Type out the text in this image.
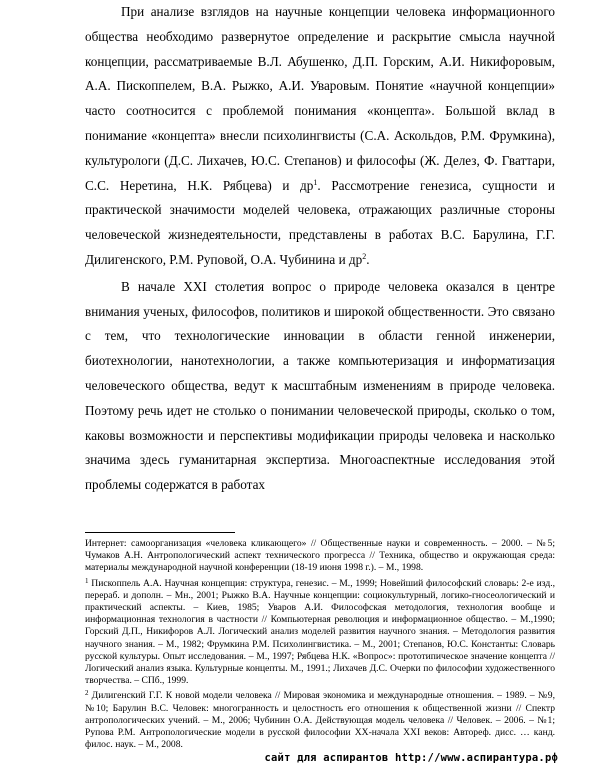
При анализе взглядов на научные концепции человека информационного общества необходимо развернутое определение и раскрытие смысла научной концепции, рассматриваемые В.Л. Абушенко, Д.П. Горским, А.И. Никифоровым, А.А. Пископпелем, В.А. Рыжко, А.И. Уваровым. Понятие «научной концепции» часто соотносится с проблемой понимания «концепта». Большой вклад в понимание «концепта» внесли психолингвисты (С.А. Аскольдов, Р.М. Фрумкина), культурологи (Д.С. Лихачев, Ю.С. Степанов) и философы (Ж. Делез, Ф. Гваттари, С.С. Неретина, Н.К. Рябцева) и $др^1$. Рассмотрение генезиса, сущности и практической значимости моделей человека, отражающих различные стороны человеческой жизнедеятельности, представлены в работах В.С. Барулина, Г.Г. Дилигенского, Р.М. Руповой, О.А. Чубинина и $др^2$.

В начале XXI столетия вопрос о природе человека оказался в центре внимания ученых, философов, политиков и широкой общественности. Это связано с тем, что технологические инновации в области генной инженерии, биотехнологии, нанотехнологии, а также компьютеризация и информатизация человеческого общества, ведут к масштабным изменениям в природе человека. Поэтому речь идет не столько о понимании человеческой природы, сколько о том, каковы возможности и перспективы модификации природы человека и насколько значима здесь гуманитарная экспертиза. Многоаспектные исследования этой проблемы содержатся в работах

Интернет: самоорганизация «человека кликающего» // Общественные науки и современность. – 2000. – №5; Чумаков А.Н. Антропологический аспект технического прогресса // Техника, общество и окружающая среда: материалы международной научной конференции (18-19 июня 1998 г.). – М., 1998.

$^1$ Пископпель А.А. Научная концепция: структура, генезис. – М., 1999; Новейший философский словарь: 2-е изд., перераб. и дополн. – Мн., 2001; Рыжко В.А. Научные концепции: социокультурный, логико-гносеологический и практический аспекты. – Киев, 1985; Уваров А.И. Философская методология, технология вообще и информационная технология в частности // Компьютерная революция и информационное общество. – М.,1990; Горский Д.П., Никифоров А.Л. Логический анализ моделей развития научного знания. – Методология развития научного знания. – М., 1982; Фрумкина Р.М. Психолингвистика. – М., 2001; Степанов, Ю.С. Константы: Словарь русской культуры. Опыт исследования. – М., 1997; Рябцева Н.К. «Вопрос»: прототипическое значение концепта // Логический анализ языка. Культурные концепты. М., 1991.; Лихачев Д.С. Очерки по философии художественного творчества. – СПб., 1999.

$^2$ Дилигенский Г.Г. К новой модели человека // Мировая экономика и международные отношения. – 1989. – №9, №10; Барулин В.С. Человек: многогранность и целостность его отношения к общественной жизни // Спектр антропологических учений. – М., 2006; Чубинин О.А. Действующая модель человека // Человек. – 2006. – №1; Рупова Р.М. Антропологические модели в русской философии ХХ-начала XXI веков: Автореф. дисс. … канд. филос. наук. – М., 2008.

сайт для аспирантов http://www.аспирантура.рф
